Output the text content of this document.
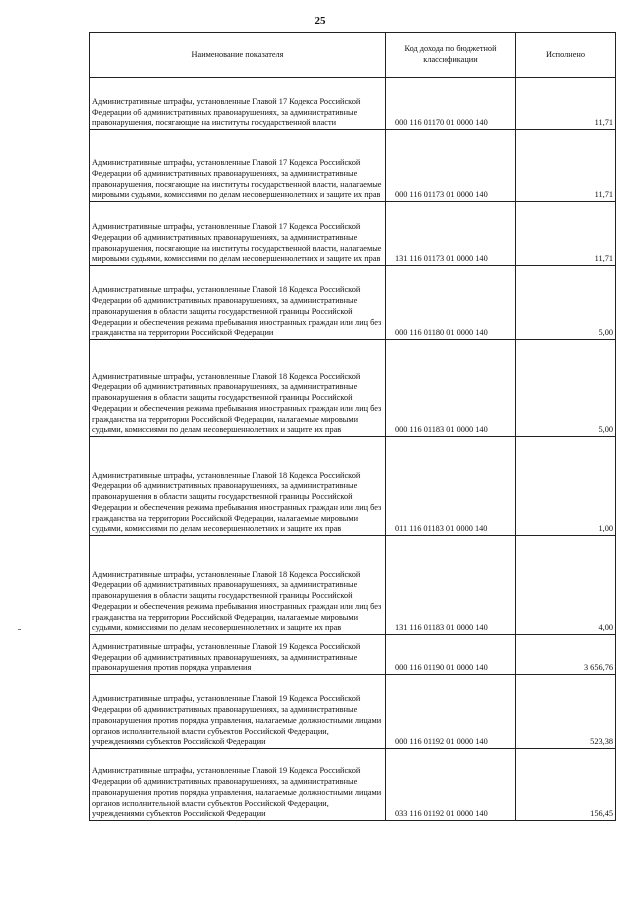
25
Наименование показателя	Код дохода по бюджетной классификации	Исполнено
Административные штрафы, установленные Главой 17 Кодекса Российской Федерации об административных правонарушениях, за административные правонарушения, посягающие на институты государственной власти	000 116 01170 01 0000 140	11,71
Административные штрафы, установленные Главой 17 Кодекса Российской Федерации об административных правонарушениях, за административные правонарушения, посягающие на институты государственной власти, налагаемые мировыми судьями, комиссиями по делам несовершеннолетних и защите их прав	000 116 01173 01 0000 140	11,71
Административные штрафы, установленные Главой 17 Кодекса Российской Федерации об административных правонарушениях, за административные правонарушения, посягающие на институты государственной власти, налагаемые мировыми судьями, комиссиями по делам несовершеннолетних и защите их прав	131 116 01173 01 0000 140	11,71
Административные штрафы, установленные Главой 18 Кодекса Российской Федерации об административных правонарушениях, за административные правонарушения в области защиты государственной границы Российской Федерации и обеспечения режима пребывания иностранных граждан или лиц без гражданства на территории Российской Федерации	000 116 01180 01 0000 140	5,00
Административные штрафы, установленные Главой 18 Кодекса Российской Федерации об административных правонарушениях, за административные правонарушения в области защиты государственной границы Российской Федерации и обеспечения режима пребывания иностранных граждан или лиц без гражданства на территории Российской Федерации, налагаемые мировыми судьями, комиссиями по делам несовершеннолетних и защите их прав	000 116 01183 01 0000 140	5,00
Административные штрафы, установленные Главой 18 Кодекса Российской Федерации об административных правонарушениях, за административные правонарушения в области защиты государственной границы Российской Федерации и обеспечения режима пребывания иностранных граждан или лиц без гражданства на территории Российской Федерации, налагаемые мировыми судьями, комиссиями по делам несовершеннолетних и защите их прав	011 116 01183 01 0000 140	1,00
Административные штрафы, установленные Главой 18 Кодекса Российской Федерации об административных правонарушениях, за административные правонарушения в области защиты государственной границы Российской Федерации и обеспечения режима пребывания иностранных граждан или лиц без гражданства на территории Российской Федерации, налагаемые мировыми судьями, комиссиями по делам несовершеннолетних и защите их прав	131 116 01183 01 0000 140	4,00
Административные штрафы, установленные Главой 19 Кодекса Российской Федерации об административных правонарушениях, за административные правонарушения против порядка управления	000 116 01190 01 0000 140	3 656,76
Административные штрафы, установленные Главой 19 Кодекса Российской Федерации об административных правонарушениях, за административные правонарушения против порядка управления, налагаемые должностными лицами органов исполнительной власти субъектов Российской Федерации, учреждениями субъектов Российской Федерации	000 116 01192 01 0000 140	523,38
Административные штрафы, установленные Главой 19 Кодекса Российской Федерации об административных правонарушениях, за административные правонарушения против порядка управления, налагаемые должностными лицами органов исполнительной власти субъектов Российской Федерации, учреждениями субъектов Российской Федерации	033 116 01192 01 0000 140	156,45
